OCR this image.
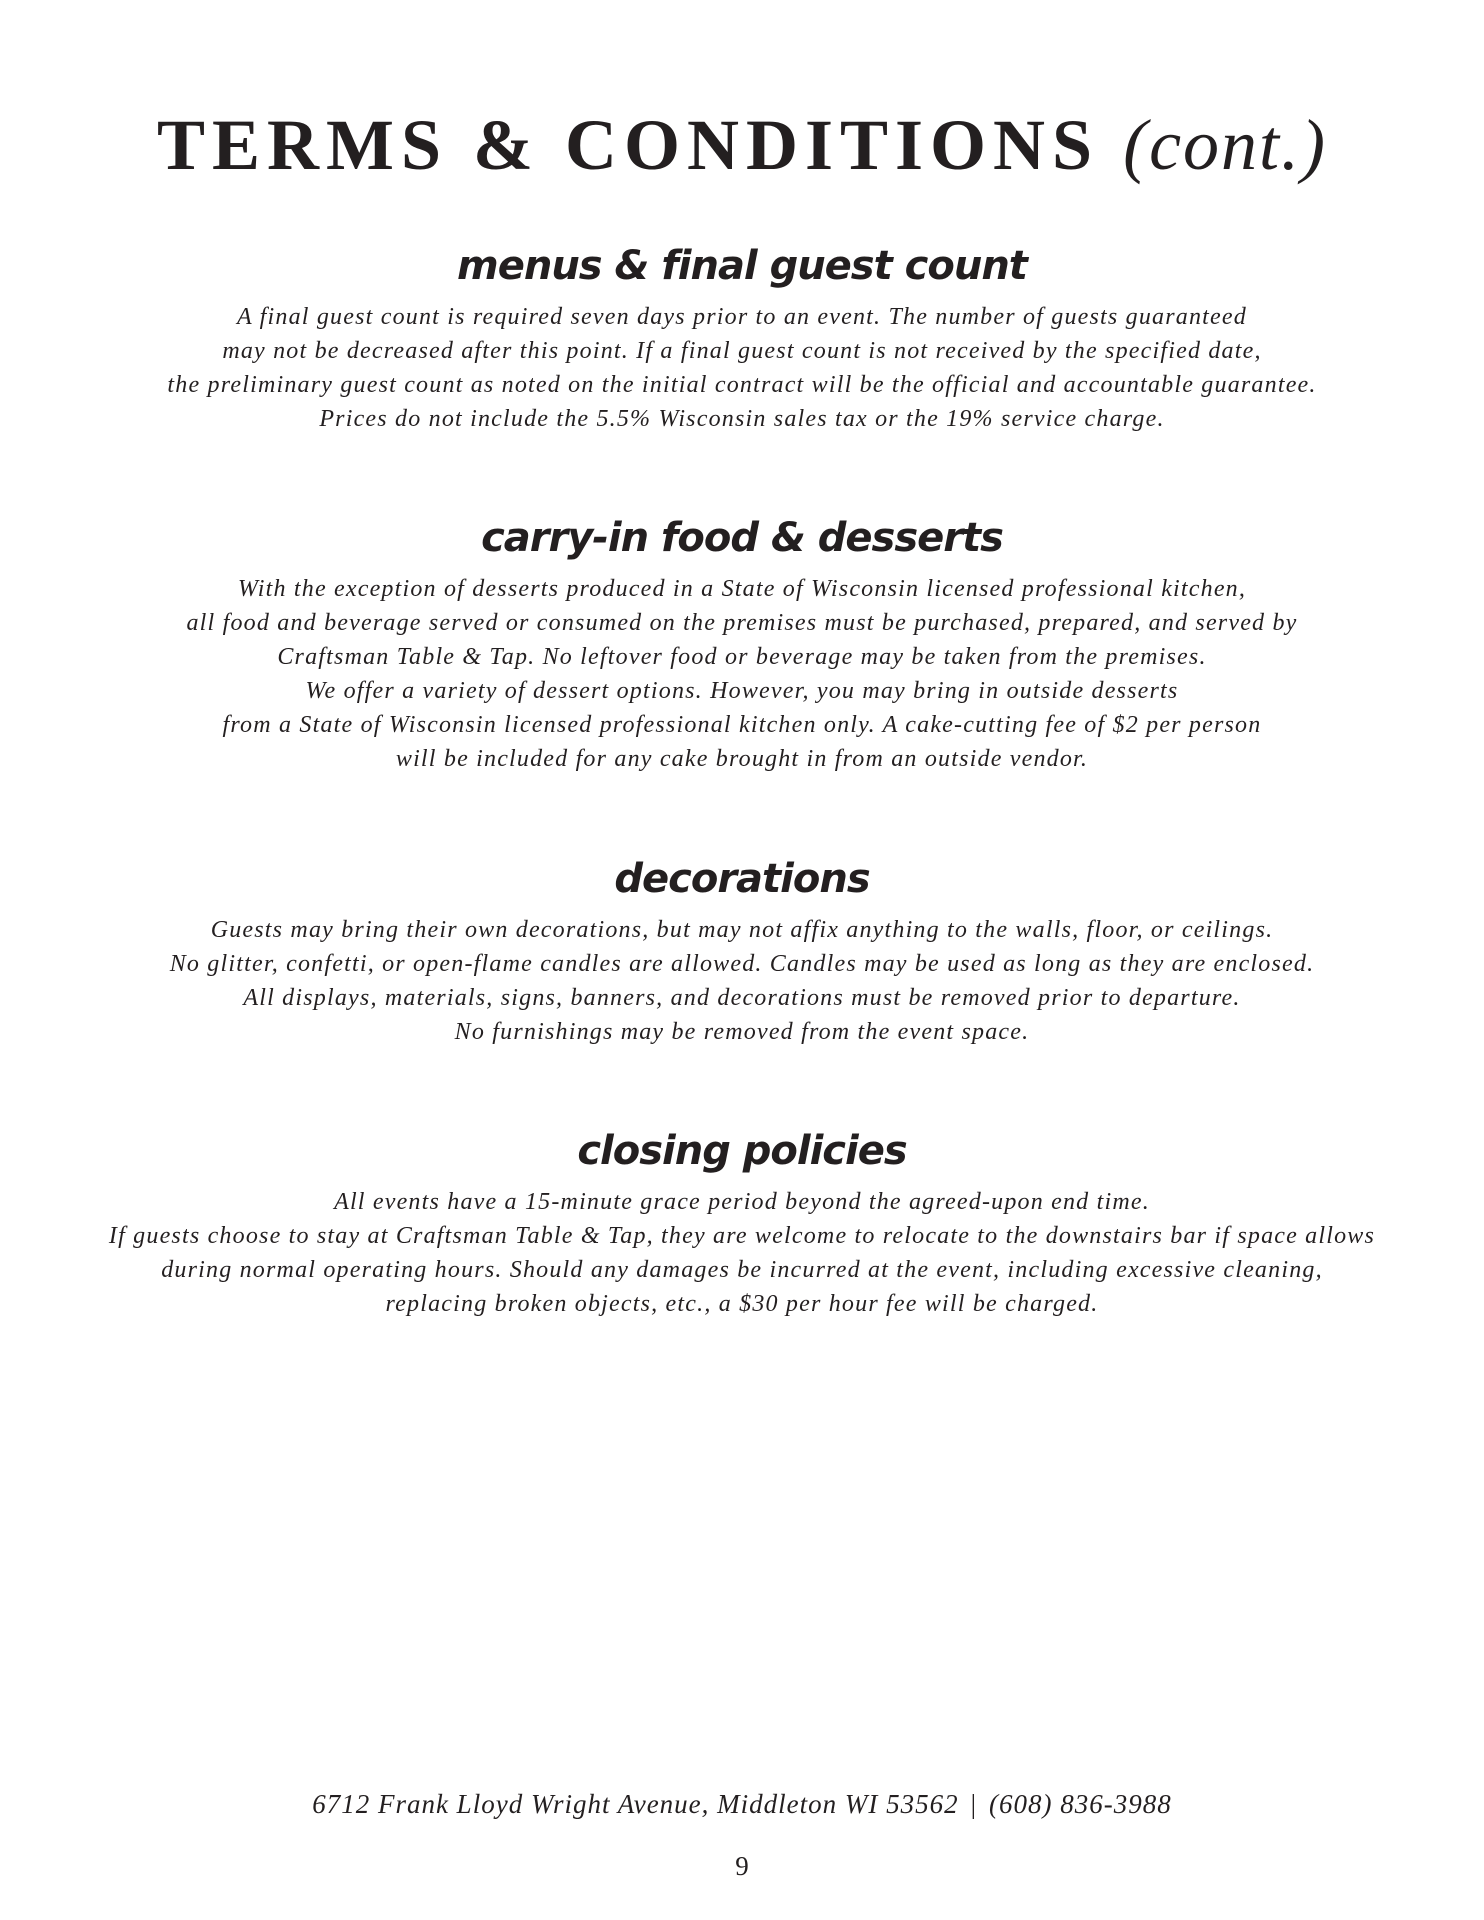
TERMS & CONDITIONS (cont.)
menus & final guest count

A final guest count is required seven days prior to an event. The number of guests guaranteed
may not be decreased after this point. If a final guest count is not received by the specified date,
the preliminary guest count as noted on the initial contract will be the official and accountable guarantee.
Prices do not include the 5.5% Wisconsin sales tax or the 19% service charge.

carry-in food & desserts

With the exception of desserts produced in a State of Wisconsin licensed professional kitchen,
all food and beverage served or consumed on the premises must be purchased, prepared, and served by
Craftsman Table & Tap. No leftover food or beverage may be taken from the premises.
We offer a variety of dessert options. However, you may bring in outside desserts
from a State of Wisconsin licensed professional kitchen only. A cake-cutting fee of $2 per person
will be included for any cake brought in from an outside vendor.

decorations

Guests may bring their own decorations, but may not affix anything to the walls, floor, or ceilings.
No glitter, confetti, or open-flame candles are allowed. Candles may be used as long as they are enclosed.
All displays, materials, signs, banners, and decorations must be removed prior to departure.
No furnishings may be removed from the event space.

closing policies

All events have a 15-minute grace period beyond the agreed-upon end time.
If guests choose to stay at Craftsman Table & Tap, they are welcome to relocate to the downstairs bar if space allows
during normal operating hours. Should any damages be incurred at the event, including excessive cleaning,
replacing broken objects, etc., a $30 per hour fee will be charged.

6712 Frank Lloyd Wright Avenue, Middleton WI 53562 | (608) 836-3988
9
